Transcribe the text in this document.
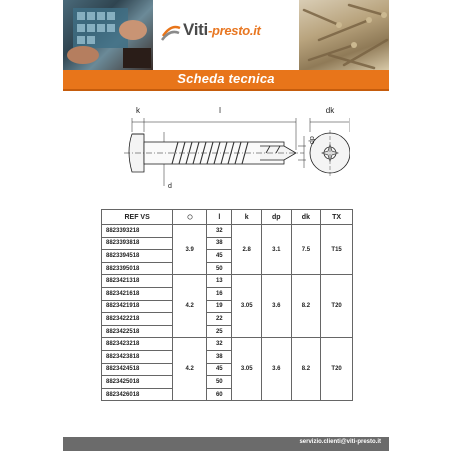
Viti-presto.it
Scheda tecnica
k	l
dp
d
dk
REF VS		l	k	dp	dk	TX
8823393218	3.9	32	2.8	3.1	7.5	T15
8823393818		38				
8823394518		45				
8823395018		50				
8823421318	4.2	13	3.05	3.6	8.2	T20
8823421618		16				
8823421918		19				
8823422218		22				
8823422518		25				
8823423218	4.2	32	3.05	3.6	8.2	T20
8823423818		38				
8823424518		45				
8823425018		50				
8823426018		60				
servizio.clienti@viti-presto.it
